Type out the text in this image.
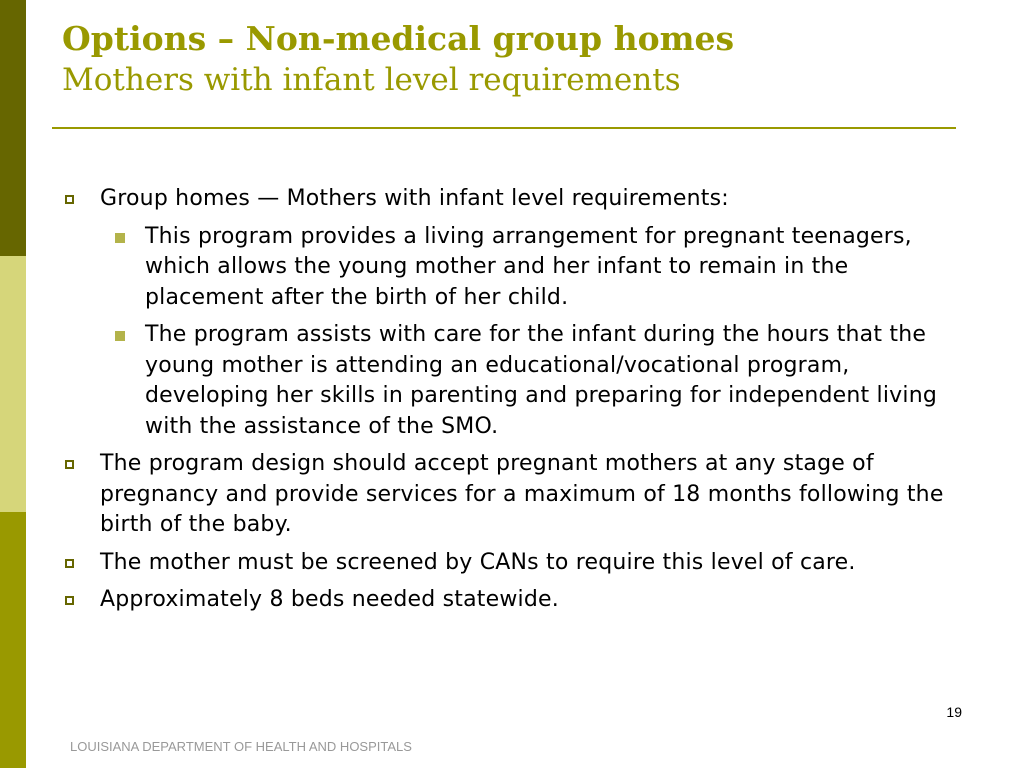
Options – Non-medical group homes
Mothers with infant level requirements
Group homes — Mothers with infant level requirements:
This program provides a living arrangement for pregnant teenagers, which allows the young mother and her infant to remain in the placement after the birth of her child.
The program assists with care for the infant during the hours that the young mother is attending an educational/vocational program, developing her skills in parenting and preparing for independent living with the assistance of the SMO.
The program design should accept pregnant mothers at any stage of pregnancy and provide services for a maximum of 18 months following the birth of the baby.
The mother must be screened by CANs to require this level of care.
Approximately 8 beds needed statewide.
19
LOUISIANA DEPARTMENT OF HEALTH AND HOSPITALS
